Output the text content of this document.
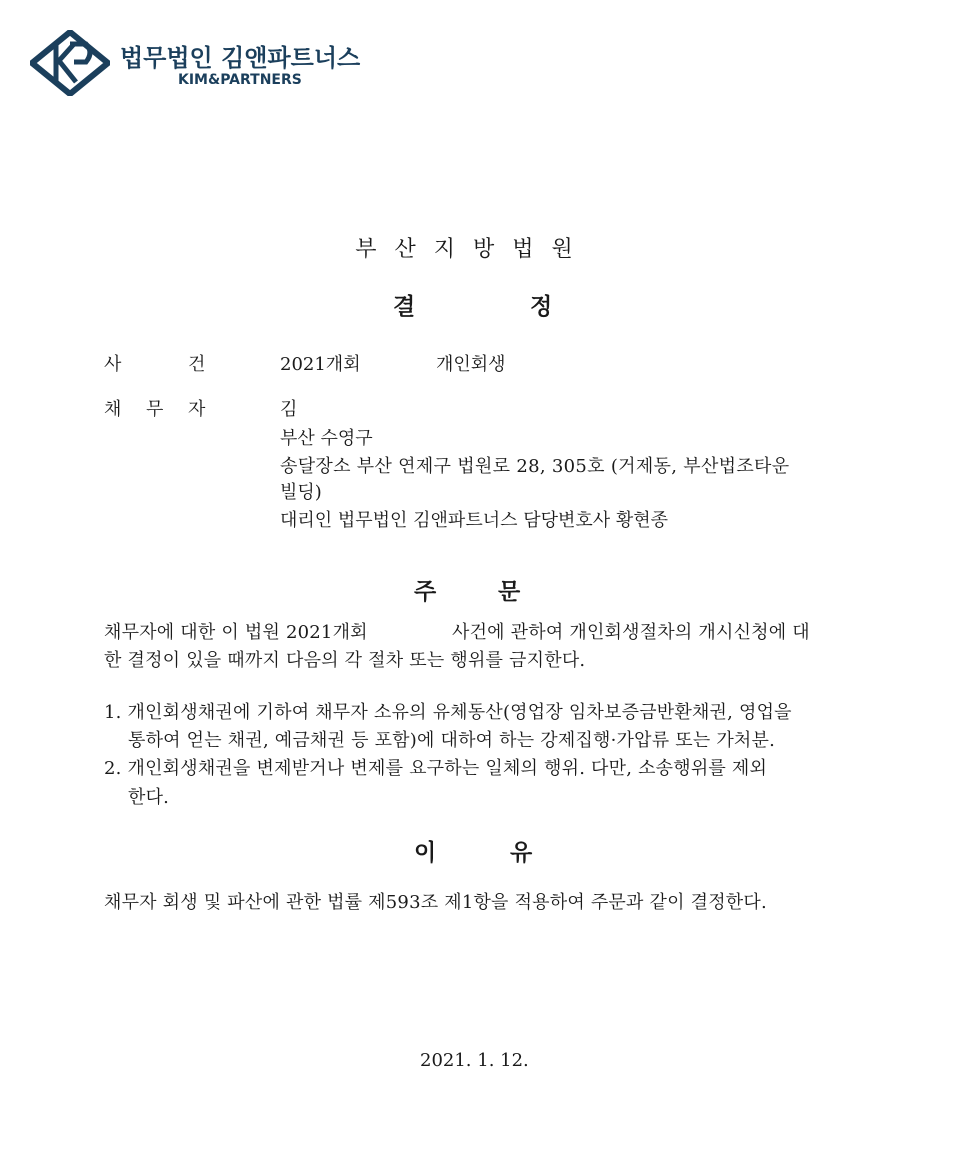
법무법인 김앤파트너스
KIM&PARTNERS
부산지방법원
결	정
사	건	2021개회	개인회생
채 무 자	김
부산 수영구
송달장소 부산 연제구 법원로 28, 305호 (거제동, 부산법조타운
빌딩)
대리인 법무법인 김앤파트너스 담당변호사 황현종
주	문
채무자에 대한 이 법원 2021개회	사건에 관하여 개인회생절차의 개시신청에 대
한 결정이 있을 때까지 다음의 각 절차 또는 행위를 금지한다.
1. 개인회생채권에 기하여 채무자 소유의 유체동산(영업장 임차보증금반환채권, 영업을
통하여 얻는 채권, 예금채권 등 포함)에 대하여 하는 강제집행·가압류 또는 가처분.
2. 개인회생채권을 변제받거나 변제를 요구하는 일체의 행위. 다만, 소송행위를 제외
한다.
이	유
채무자 회생 및 파산에 관한 법률 제593조 제1항을 적용하여 주문과 같이 결정한다.
2021. 1. 12.
